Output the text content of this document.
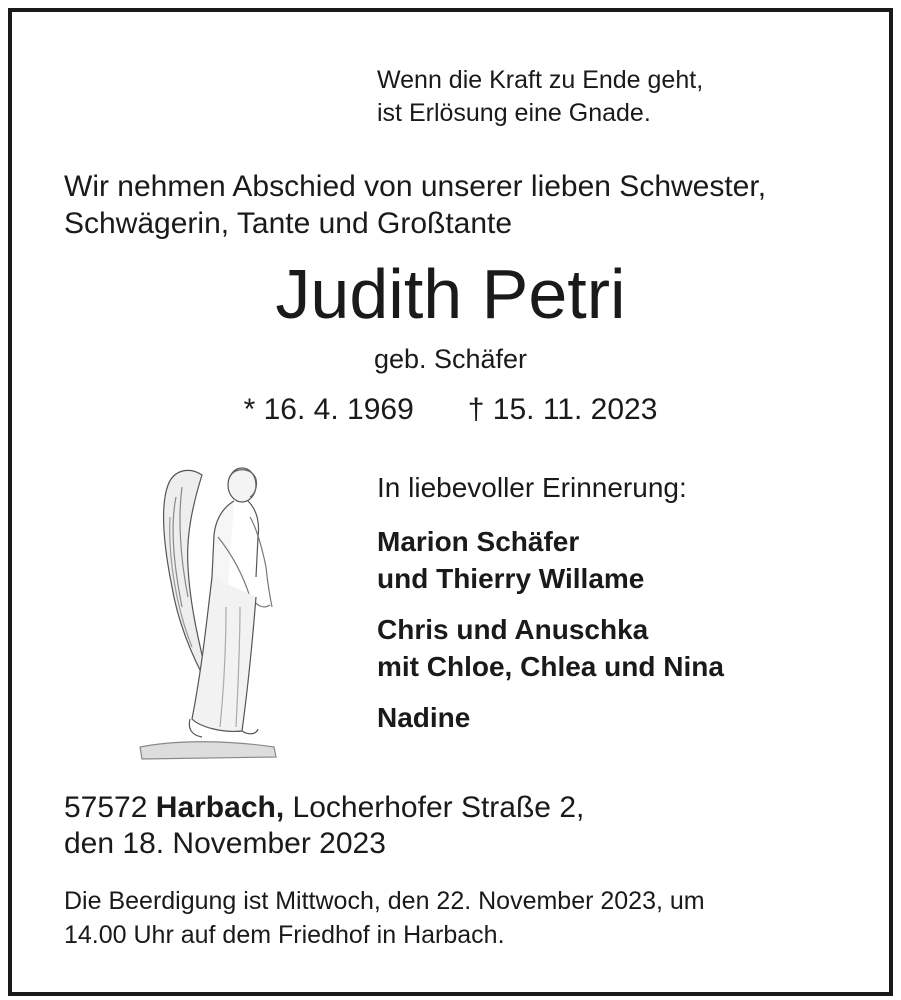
Wenn die Kraft zu Ende geht,
ist Erlösung eine Gnade.
Wir nehmen Abschied von unserer lieben Schwester,
Schwägerin, Tante und Großtante
Judith Petri
geb. Schäfer
* 16. 4. 1969 † 15. 11. 2023
In liebevoller Erinnerung:
Marion Schäfer
und Thierry Willame
Chris und Anuschka
mit Chloe, Chlea und Nina
Nadine
57572 Harbach, Locherhofer Straße 2,
den 18. November 2023
Die Beerdigung ist Mittwoch, den 22. November 2023, um
14.00 Uhr auf dem Friedhof in Harbach.
